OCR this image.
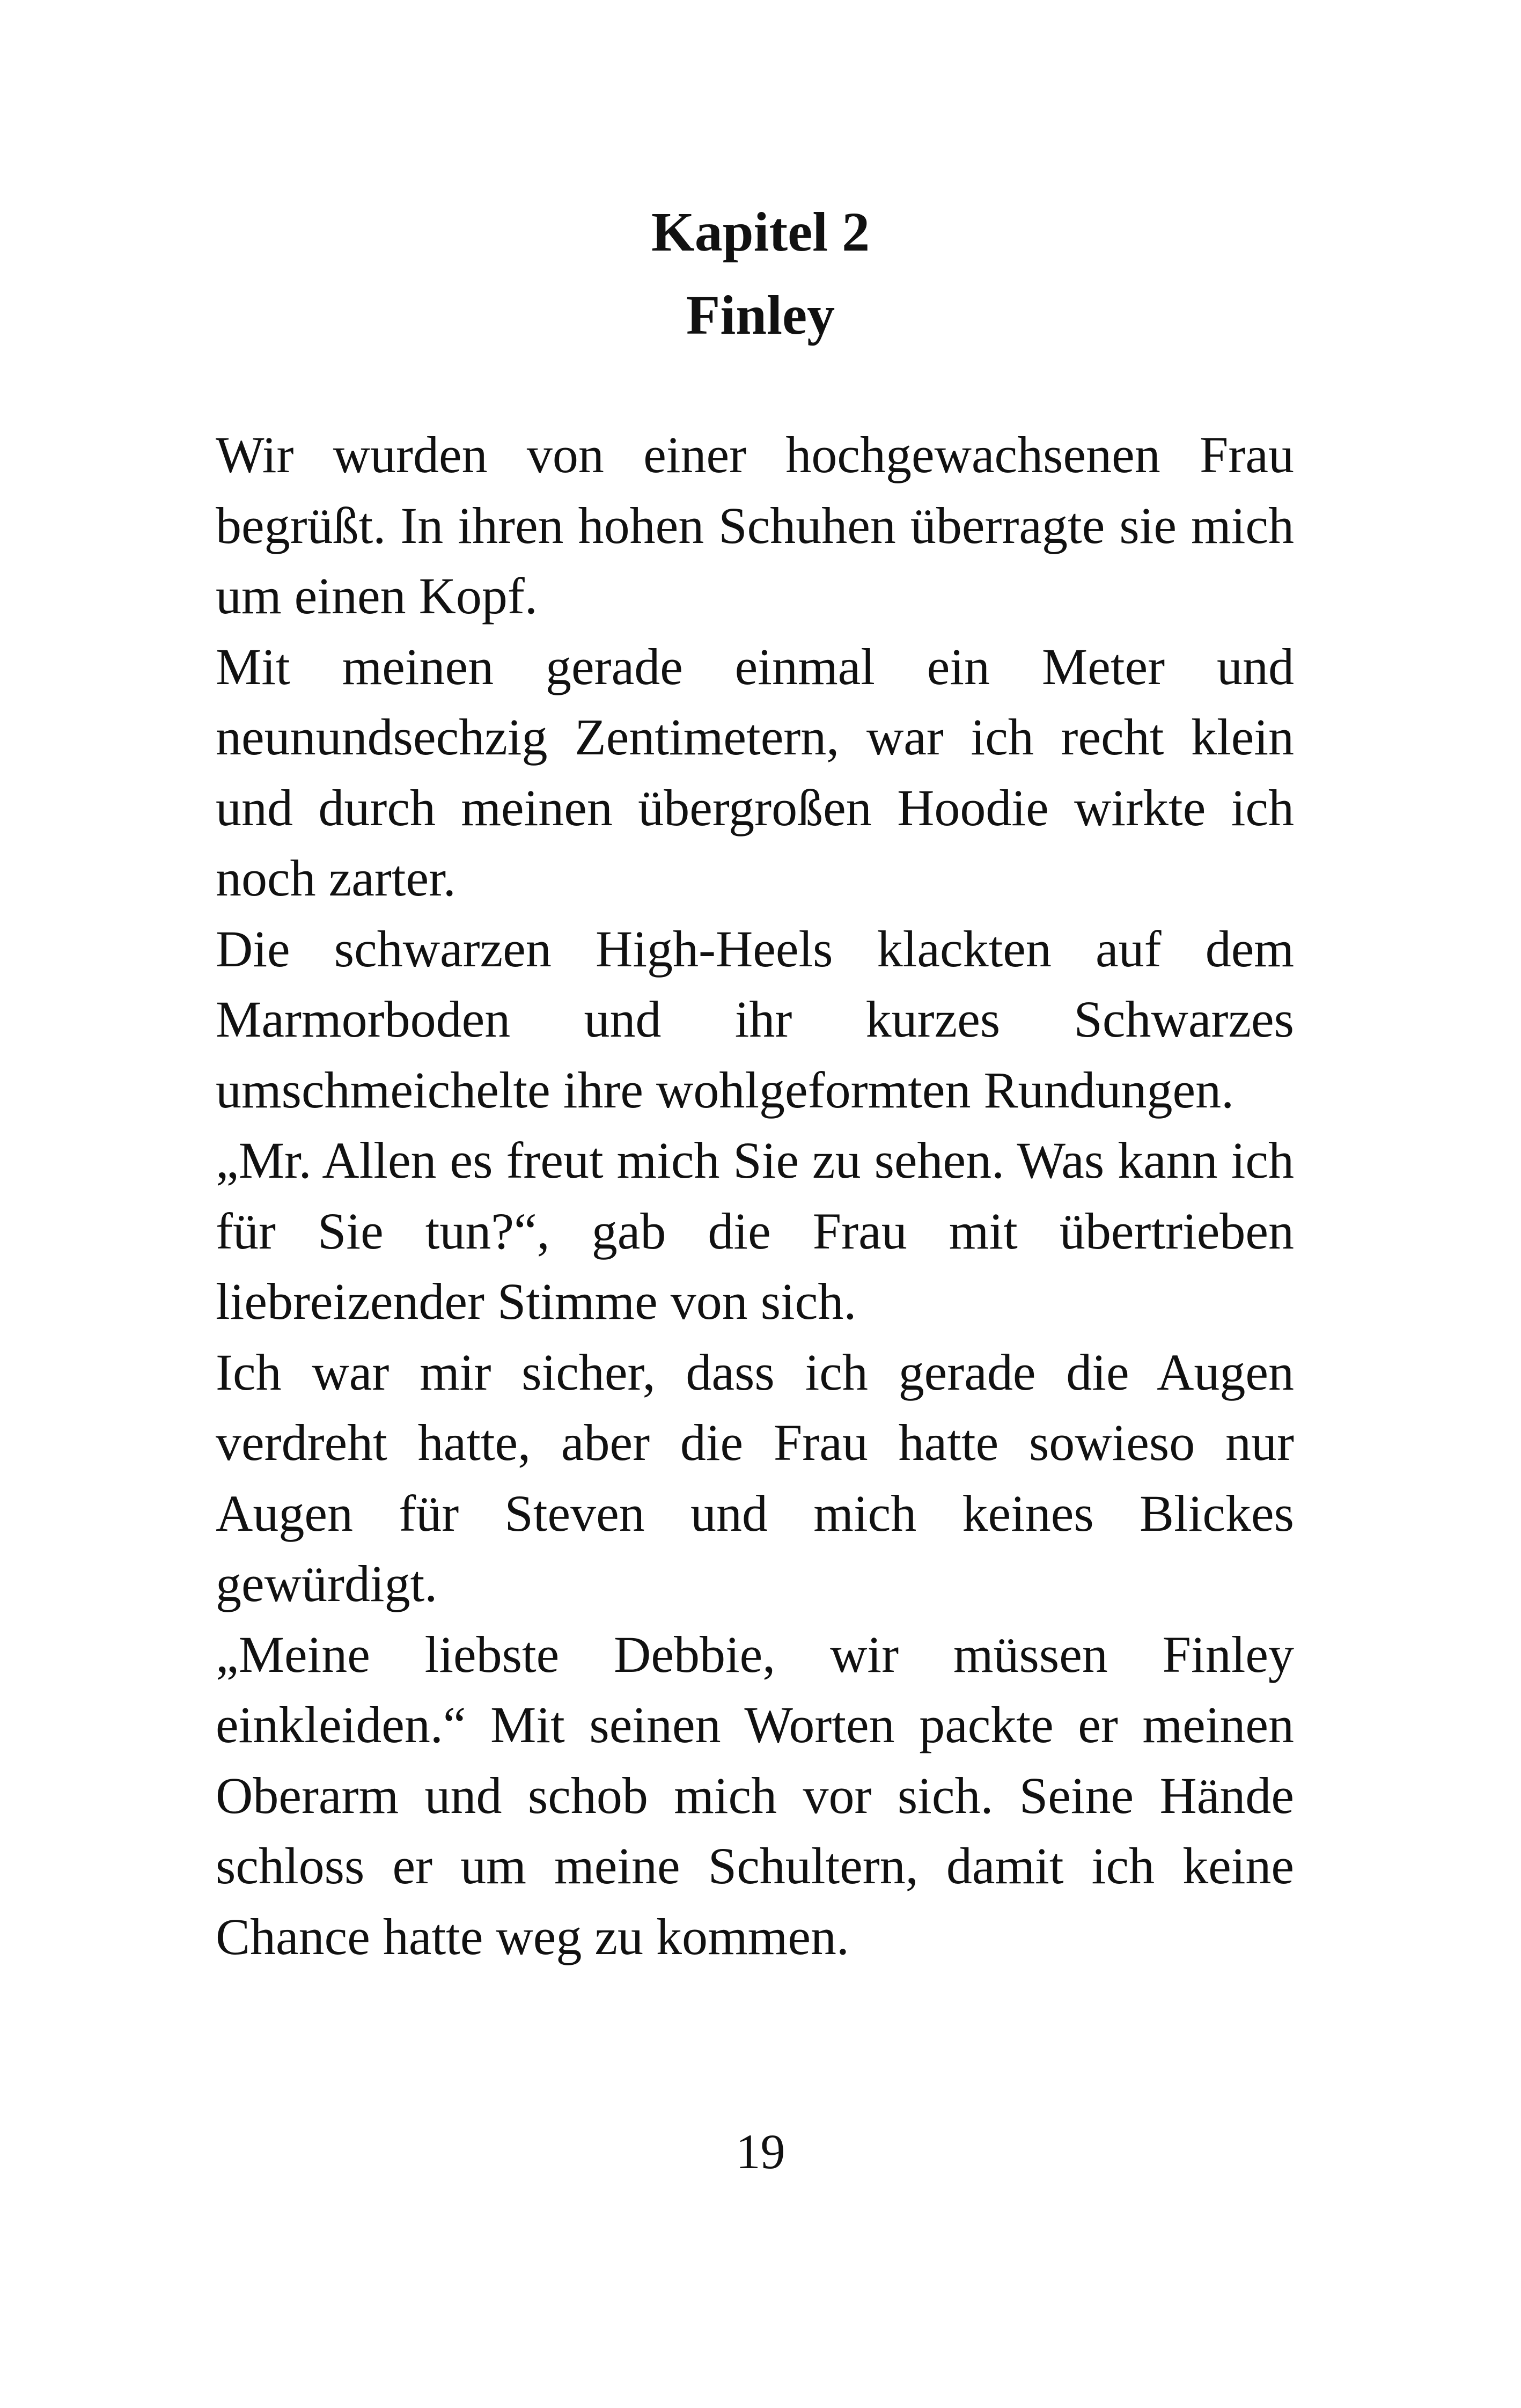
Kapitel 2
Finley

Wir wurden von einer hochgewachsenen Frau begrüßt. In ihren hohen Schuhen überragte sie mich um einen Kopf.

Mit meinen gerade einmal ein Meter und neunundsechzig Zentimetern, war ich recht klein und durch meinen übergroßen Hoodie wirkte ich noch zarter.

Die schwarzen High-Heels klackten auf dem Marmorboden und ihr kurzes Schwarzes umschmeichelte ihre wohlgeformten Rundungen.

„Mr. Allen es freut mich Sie zu sehen. Was kann ich für Sie tun?“, gab die Frau mit übertrieben liebreizender Stimme von sich.

Ich war mir sicher, dass ich gerade die Augen verdreht hatte, aber die Frau hatte sowieso nur Augen für Steven und mich keines Blickes gewürdigt.

„Meine liebste Debbie, wir müssen Finley einkleiden.“ Mit seinen Worten packte er meinen Oberarm und schob mich vor sich. Seine Hände schloss er um meine Schultern, damit ich keine Chance hatte weg zu kommen.

19
